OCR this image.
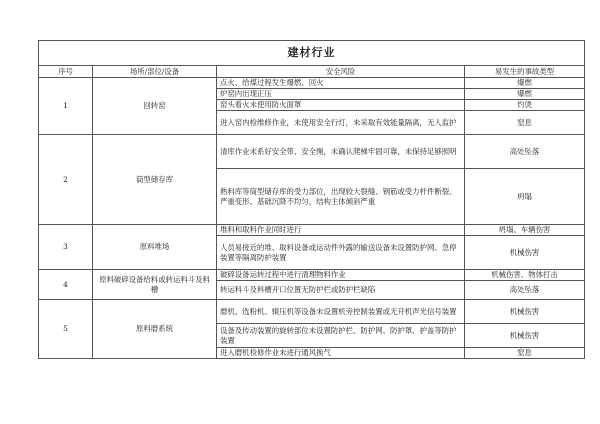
建材行业			
序号	场所/部位/设备	安全风险	易发生的事故类型
1	回转窑	点火、给煤过程发生爆燃、回火	爆燃
		炉窑内出现正压	爆燃
		窑头看火未使用防火面罩	灼烫
		进入窑内检维修作业，未使用安全行灯，未采取有效能量隔离，无人监护	窒息
2	筒型储存库	清库作业未系好安全带、安全绳，未确认爬梯牢固可靠，未保持足够照明	高处坠落
		熟料库等筒型储存库的受力部位，出现较大裂缝、钢筋或受力杆件断裂、严重变形、基础沉降不均匀，结构主体倾斜严重	坍塌
3	原料堆场	堆料和取料作业同时进行	坍塌、车辆伤害
		人员易接近的堆、取料设备或运动件外露的输送设备未设置防护网、急停装置等隔离防护装置	机械伤害
4	原料破碎设备给料或转运料斗及料槽	破碎设备运转过程中进行清理物料作业	机械伤害、物体打击
		转运料斗及料槽开口位置无防护栏或防护栏缺陷	高处坠落
5	原料磨系统	磨机、选粉机、辊压机等设备未设置机旁控制装置或无开机声光信号装置	机械伤害
		设备及传动装置的旋转部位未设置防护栏、防护网、防护罩、护盖等防护装置	机械伤害
		进入磨机检修作业未进行通风换气	窒息
